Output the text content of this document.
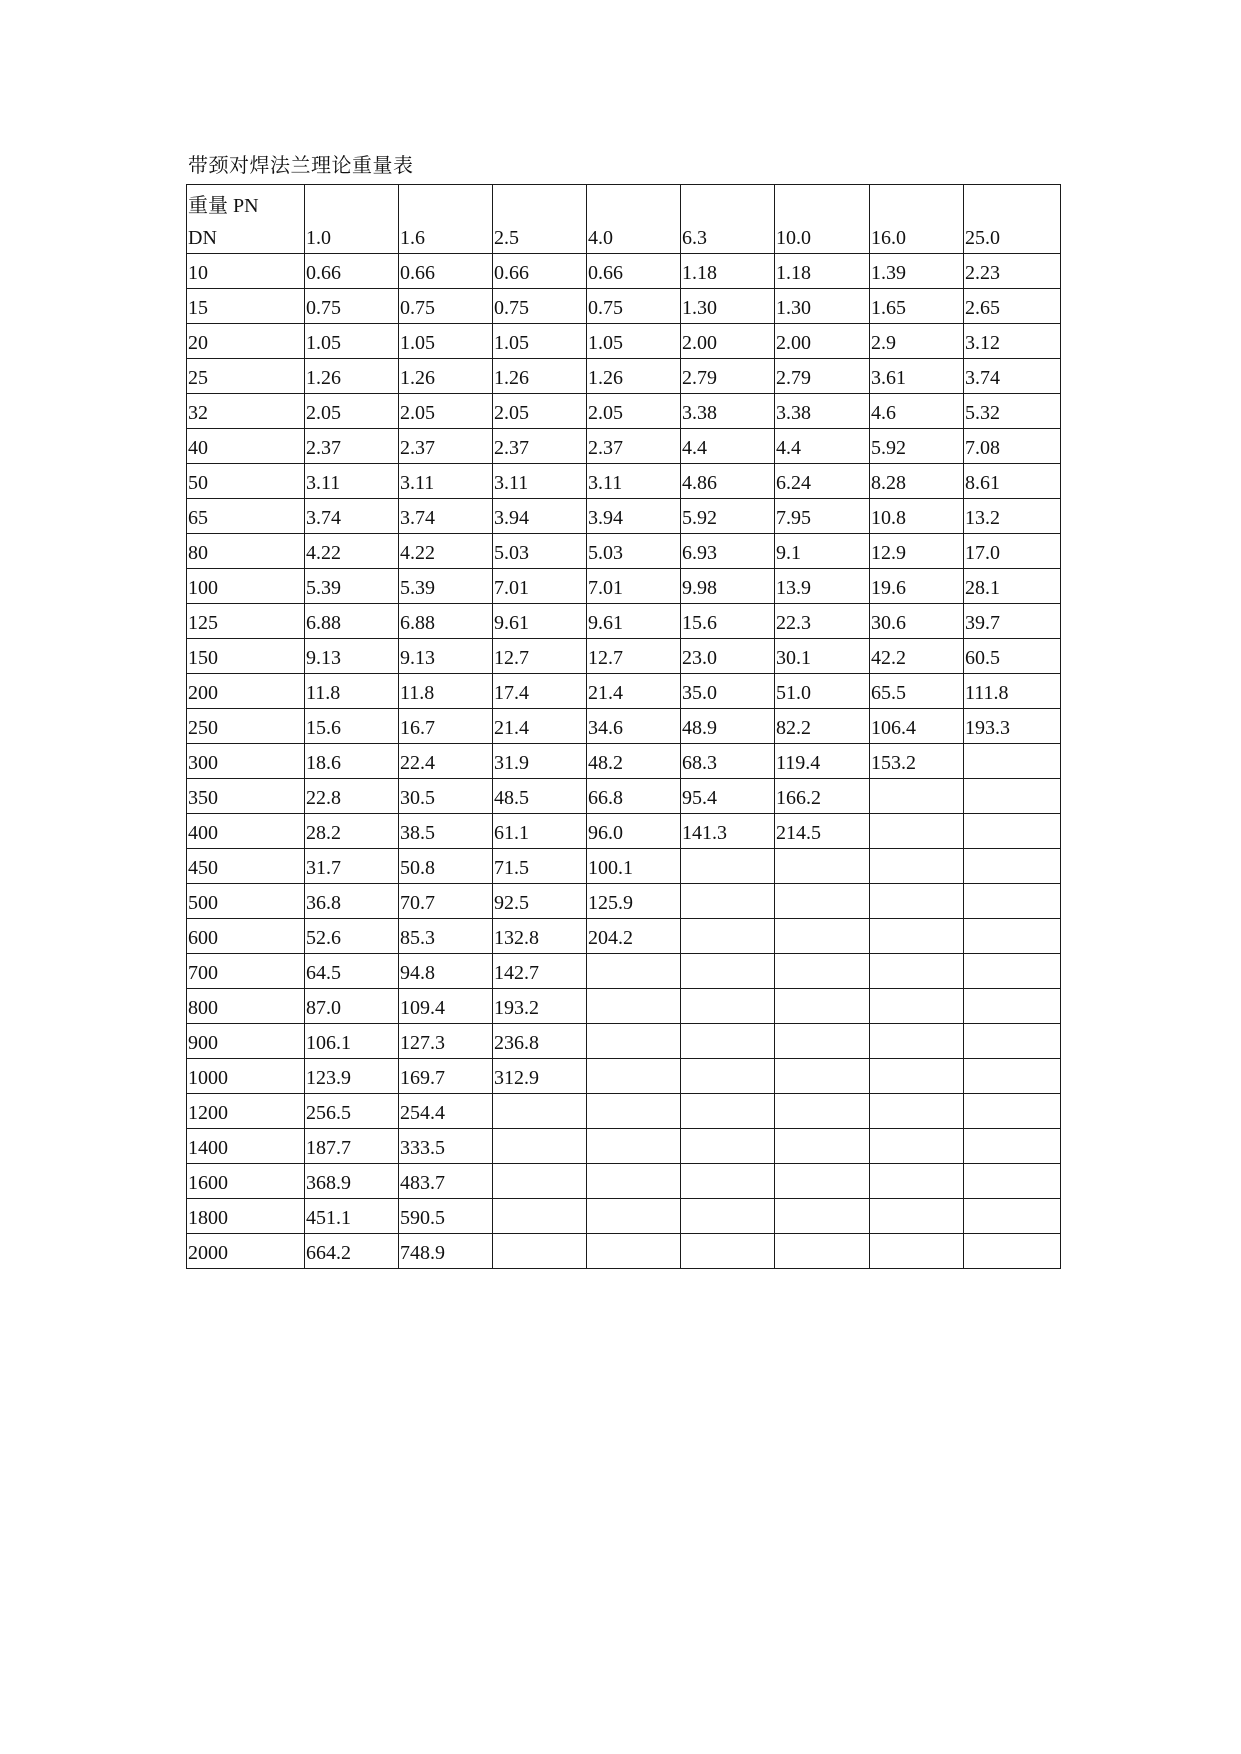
带颈对焊法兰理论重量表
重量 PN
DN	1.0	1.6	2.5	4.0	6.3	10.0	16.0	25.0
10	0.66	0.66	0.66	0.66	1.18	1.18	1.39	2.23
15	0.75	0.75	0.75	0.75	1.30	1.30	1.65	2.65
20	1.05	1.05	1.05	1.05	2.00	2.00	2.9	3.12
25	1.26	1.26	1.26	1.26	2.79	2.79	3.61	3.74
32	2.05	2.05	2.05	2.05	3.38	3.38	4.6	5.32
40	2.37	2.37	2.37	2.37	4.4	4.4	5.92	7.08
50	3.11	3.11	3.11	3.11	4.86	6.24	8.28	8.61
65	3.74	3.74	3.94	3.94	5.92	7.95	10.8	13.2
80	4.22	4.22	5.03	5.03	6.93	9.1	12.9	17.0
100	5.39	5.39	7.01	7.01	9.98	13.9	19.6	28.1
125	6.88	6.88	9.61	9.61	15.6	22.3	30.6	39.7
150	9.13	9.13	12.7	12.7	23.0	30.1	42.2	60.5
200	11.8	11.8	17.4	21.4	35.0	51.0	65.5	111.8
250	15.6	16.7	21.4	34.6	48.9	82.2	106.4	193.3
300	18.6	22.4	31.9	48.2	68.3	119.4	153.2	
350	22.8	30.5	48.5	66.8	95.4	166.2		
400	28.2	38.5	61.1	96.0	141.3	214.5		
450	31.7	50.8	71.5	100.1				
500	36.8	70.7	92.5	125.9				
600	52.6	85.3	132.8	204.2				
700	64.5	94.8	142.7					
800	87.0	109.4	193.2					
900	106.1	127.3	236.8					
1000	123.9	169.7	312.9					
1200	256.5	254.4						
1400	187.7	333.5						
1600	368.9	483.7						
1800	451.1	590.5						
2000	664.2	748.9						
